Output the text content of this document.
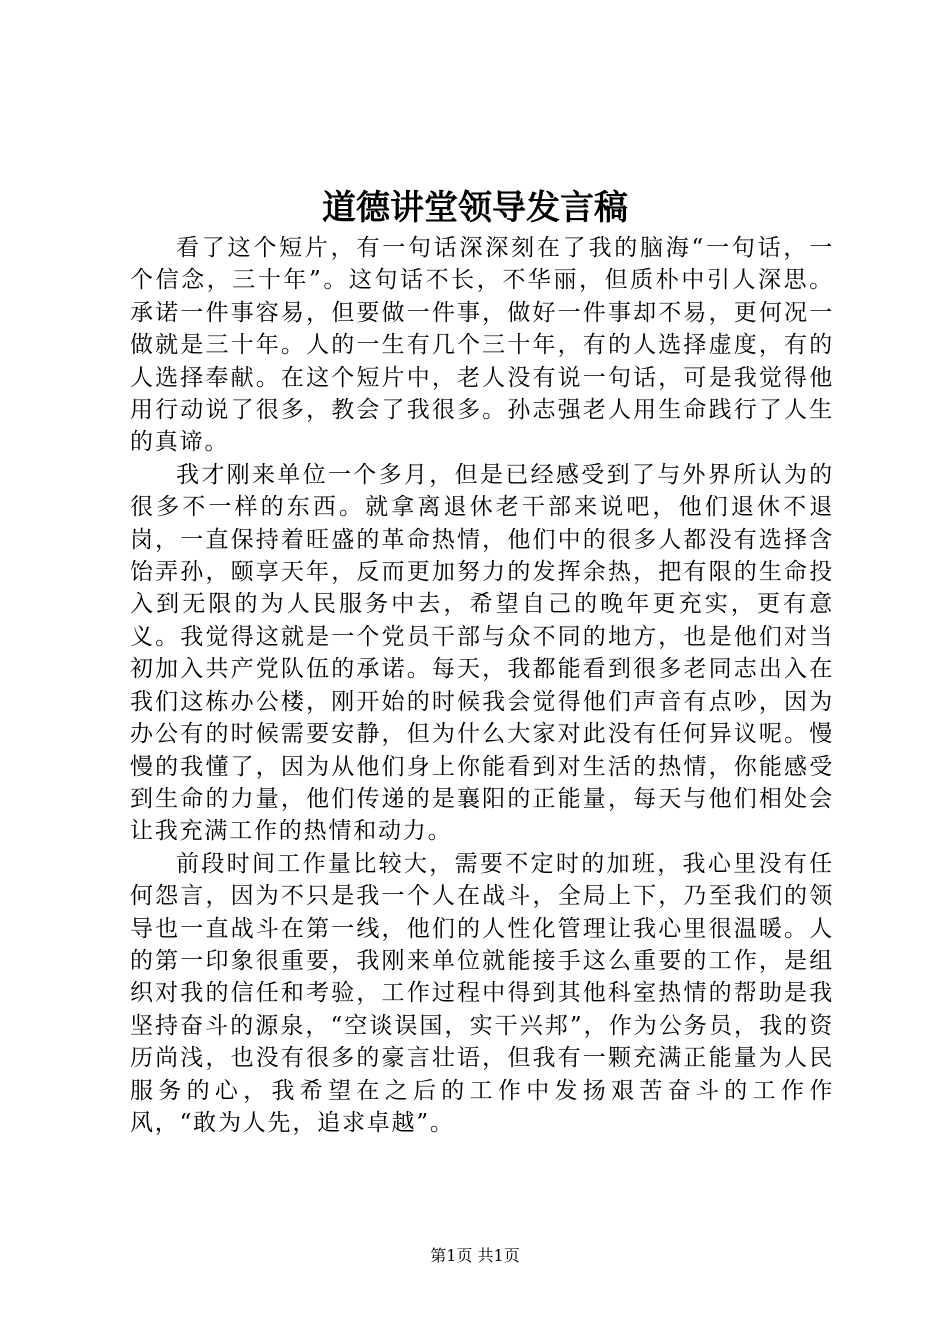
道德讲堂领导发言稿

看了这个短片，有一句话深深刻在了我的脑海“一句话，一个信念，三十年”。这句话不长，不华丽，但质朴中引人深思。承诺一件事容易，但要做一件事，做好一件事却不易，更何况一做就是三十年。人的一生有几个三十年，有的人选择虚度，有的人选择奉献。在这个短片中，老人没有说一句话，可是我觉得他用行动说了很多，教会了我很多。孙志强老人用生命践行了人生的真谛。

我才刚来单位一个多月，但是已经感受到了与外界所认为的很多不一样的东西。就拿离退休老干部来说吧，他们退休不退岗，一直保持着旺盛的革命热情，他们中的很多人都没有选择含饴弄孙，颐享天年，反而更加努力的发挥余热，把有限的生命投入到无限的为人民服务中去，希望自己的晚年更充实，更有意义。我觉得这就是一个党员干部与众不同的地方，也是他们对当初加入共产党队伍的承诺。每天，我都能看到很多老同志出入在我们这栋办公楼，刚开始的时候我会觉得他们声音有点吵，因为办公有的时候需要安静，但为什么大家对此没有任何异议呢。慢慢的我懂了，因为从他们身上你能看到对生活的热情，你能感受到生命的力量，他们传递的是襄阳的正能量，每天与他们相处会让我充满工作的热情和动力。

前段时间工作量比较大，需要不定时的加班，我心里没有任何怨言，因为不只是我一个人在战斗，全局上下，乃至我们的领导也一直战斗在第一线，他们的人性化管理让我心里很温暖。人的第一印象很重要，我刚来单位就能接手这么重要的工作，是组织对我的信任和考验，工作过程中得到其他科室热情的帮助是我坚持奋斗的源泉，“空谈误国，实干兴邦”，作为公务员，我的资历尚浅，也没有很多的豪言壮语，但我有一颗充满正能量为人民服务的心，我希望在之后的工作中发扬艰苦奋斗的工作作风，“敢为人先，追求卓越”。

第1页 共1页
